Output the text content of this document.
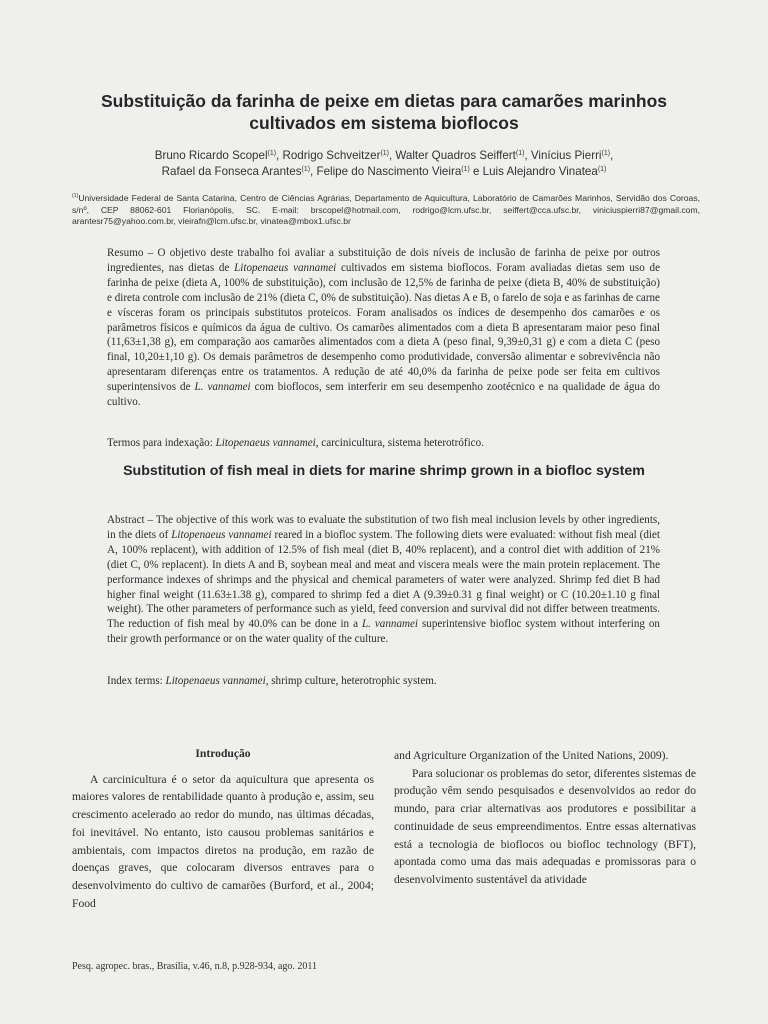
Substituição da farinha de peixe em dietas para camarões marinhos cultivados em sistema bioflocos
Bruno Ricardo Scopel$^{(1)}$, Rodrigo Schveitzer$^{(1)}$, Walter Quadros Seiffert$^{(1)}$, Vinícius Pierri$^{(1)}$,
Rafael da Fonseca Arantes$^{(1)}$, Felipe do Nascimento Vieira$^{(1)}$ e Luis Alejandro Vinatea$^{(1)}$
$^{(1)}$Universidade Federal de Santa Catarina, Centro de Ciências Agrárias, Departamento de Aquicultura, Laboratório de Camarões Marinhos, Servidão dos Coroas, s/nº, CEP 88062-601 Florianópolis, SC. E-mail: brscopel@hotmail.com, rodrigo@lcm.ufsc.br, seiffert@cca.ufsc.br, viniciuspierri87@gmail.com, arantesr75@yahoo.com.br, vieirafn@lcm.ufsc.br, vinatea@mbox1.ufsc.br

Resumo – O objetivo deste trabalho foi avaliar a substituição de dois níveis de inclusão de farinha de peixe por outros ingredientes, nas dietas de Litopenaeus vannamei cultivados em sistema bioflocos. Foram avaliadas dietas sem uso de farinha de peixe (dieta A, 100% de substituição), com inclusão de 12,5% de farinha de peixe (dieta B, 40% de substituição) e direta controle com inclusão de 21% (dieta C, 0% de substituição). Nas dietas A e B, o farelo de soja e as farinhas de carne e vísceras foram os principais substitutos proteicos. Foram analisados os índices de desempenho dos camarões e os parâmetros físicos e químicos da água de cultivo. Os camarões alimentados com a dieta B apresentaram maior peso final (11,63±1,38 g), em comparação aos camarões alimentados com a dieta A (peso final, 9,39±0,31 g) e com a dieta C (peso final, 10,20±1,10 g). Os demais parâmetros de desempenho como produtividade, conversão alimentar e sobrevivência não apresentaram diferenças entre os tratamentos. A redução de até 40,0% da farinha de peixe pode ser feita em cultivos superintensivos de L. vannamei com bioflocos, sem interferir em seu desempenho zootécnico e na qualidade de água do cultivo.

Termos para indexação: Litopenaeus vannamei, carcinicultura, sistema heterotrófico.
Substitution of fish meal in diets for marine shrimp grown in a biofloc system

Abstract – The objective of this work was to evaluate the substitution of two fish meal inclusion levels by other ingredients, in the diets of Litopenaeus vannamei reared in a biofloc system. The following diets were evaluated: without fish meal (diet A, 100% replacent), with addition of 12.5% of fish meal (diet B, 40% replacent), and a control diet with addition of 21% (diet C, 0% replacent). In diets A and B, soybean meal and meat and viscera meals were the main protein replacement. The performance indexes of shrimps and the physical and chemical parameters of water were analyzed. Shrimp fed diet B had higher final weight (11.63±1.38 g), compared to shrimp fed a diet A (9.39±0.31 g final weight) or C (10.20±1.10 g final weight). The other parameters of performance such as yield, feed conversion and survival did not differ between treatments. The reduction of fish meal by 40.0% can be done in a L. vannamei superintensive biofloc system without interfering on their growth performance or on the water quality of the culture.

Index terms: Litopenaeus vannamei, shrimp culture, heterotrophic system.

Introdução

A carcinicultura é o setor da aquicultura que apresenta os maiores valores de rentabilidade quanto à produção e, assim, seu crescimento acelerado ao redor do mundo, nas últimas décadas, foi inevitável. No entanto, isto causou problemas sanitários e ambientais, com impactos diretos na produção, em razão de doenças graves, que colocaram diversos entraves para o desenvolvimento do cultivo de camarões (Burford, et al., 2004; Food

and Agriculture Organization of the United Nations, 2009).

Para solucionar os problemas do setor, diferentes sistemas de produção vêm sendo pesquisados e desenvolvidos ao redor do mundo, para criar alternativas aos produtores e possibilitar a continuidade de seus empreendimentos. Entre essas alternativas está a tecnologia de bioflocos ou biofloc technology (BFT), apontada como uma das mais adequadas e promissoras para o desenvolvimento sustentável da atividade

Pesq. agropec. bras., Brasília, v.46, n.8, p.928-934, ago. 2011
